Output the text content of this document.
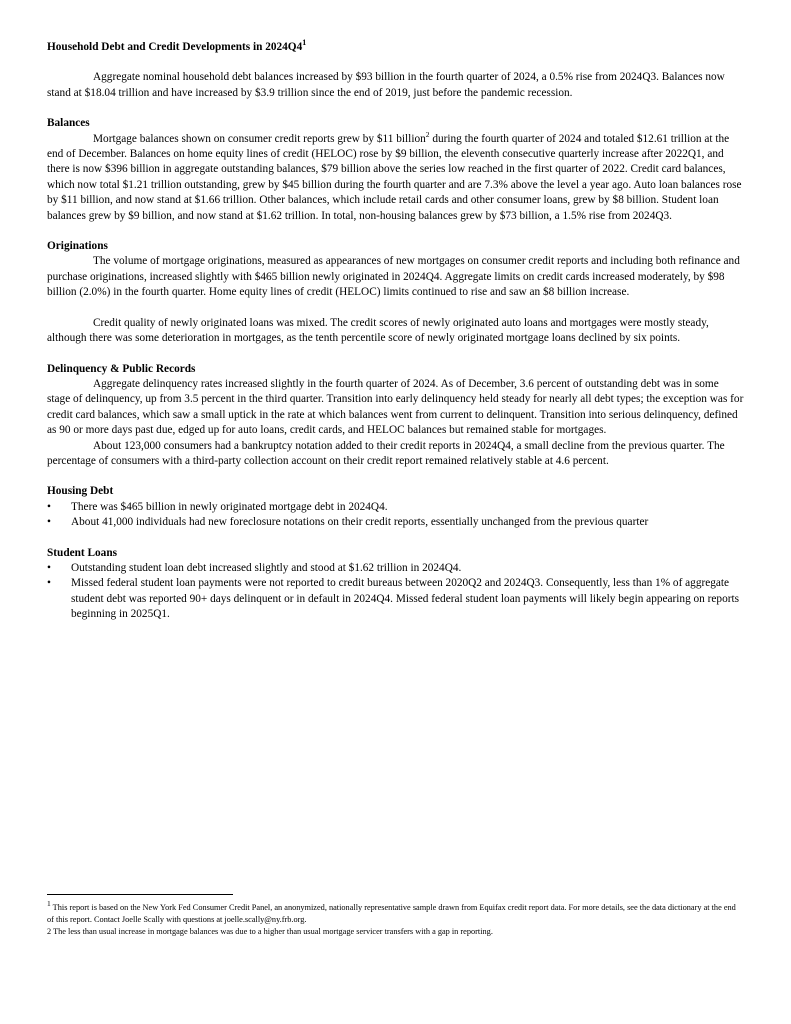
Household Debt and Credit Developments in $2024Q4^1$

Aggregate nominal household debt balances increased by $93 billion in the fourth quarter of 2024, a 0.5% rise from 2024Q3. Balances now stand at $18.04 trillion and have increased by $3.9 trillion since the end of 2019, just before the pandemic recession.

Balances

Mortgage balances shown on consumer credit reports grew by $11 billion$^2$ during the fourth quarter of 2024 and totaled $12.61 trillion at the end of December. Balances on home equity lines of credit (HELOC) rose by $9 billion, the eleventh consecutive quarterly increase after 2022Q1, and there is now $396 billion in aggregate outstanding balances, $79 billion above the series low reached in the first quarter of 2022. Credit card balances, which now total $1.21 trillion outstanding, grew by $45 billion during the fourth quarter and are 7.3% above the level a year ago. Auto loan balances rose by $11 billion, and now stand at $1.66 trillion. Other balances, which include retail cards and other consumer loans, grew by $8 billion. Student loan balances grew by $9 billion, and now stand at $1.62 trillion. In total, non-housing balances grew by $73 billion, a 1.5% rise from 2024Q3.

Originations

The volume of mortgage originations, measured as appearances of new mortgages on consumer credit reports and including both refinance and purchase originations, increased slightly with $465 billion newly originated in 2024Q4. Aggregate limits on credit cards increased moderately, by $98 billion (2.0%) in the fourth quarter. Home equity lines of credit (HELOC) limits continued to rise and saw an $8 billion increase.

Credit quality of newly originated loans was mixed. The credit scores of newly originated auto loans and mortgages were mostly steady, although there was some deterioration in mortgages, as the tenth percentile score of newly originated mortgage loans declined by six points.

Delinquency & Public Records

Aggregate delinquency rates increased slightly in the fourth quarter of 2024. As of December, 3.6 percent of outstanding debt was in some stage of delinquency, up from 3.5 percent in the third quarter. Transition into early delinquency held steady for nearly all debt types; the exception was for credit card balances, which saw a small uptick in the rate at which balances went from current to delinquent. Transition into serious delinquency, defined as 90 or more days past due, edged up for auto loans, credit cards, and HELOC balances but remained stable for mortgages.

About 123,000 consumers had a bankruptcy notation added to their credit reports in 2024Q4, a small decline from the previous quarter. The percentage of consumers with a third-party collection account on their credit report remained relatively stable at 4.6 percent.

Housing Debt

• There was $465 billion in newly originated mortgage debt in 2024Q4.
• About 41,000 individuals had new foreclosure notations on their credit reports, essentially unchanged from the previous quarter

Student Loans

• Outstanding student loan debt increased slightly and stood at $1.62 trillion in 2024Q4.
• Missed federal student loan payments were not reported to credit bureaus between 2020Q2 and 2024Q3. Consequently, less than 1% of aggregate student debt was reported 90+ days delinquent or in default in 2024Q4. Missed federal student loan payments will likely begin appearing on reports beginning in 2025Q1.

$^1$ This report is based on the New York Fed Consumer Credit Panel, an anonymized, nationally representative sample drawn from Equifax credit report data. For more details, see the data dictionary at the end of this report. Contact Joelle Scally with questions at joelle.scally@ny.frb.org.

2 The less than usual increase in mortgage balances was due to a higher than usual mortgage servicer transfers with a gap in reporting.
